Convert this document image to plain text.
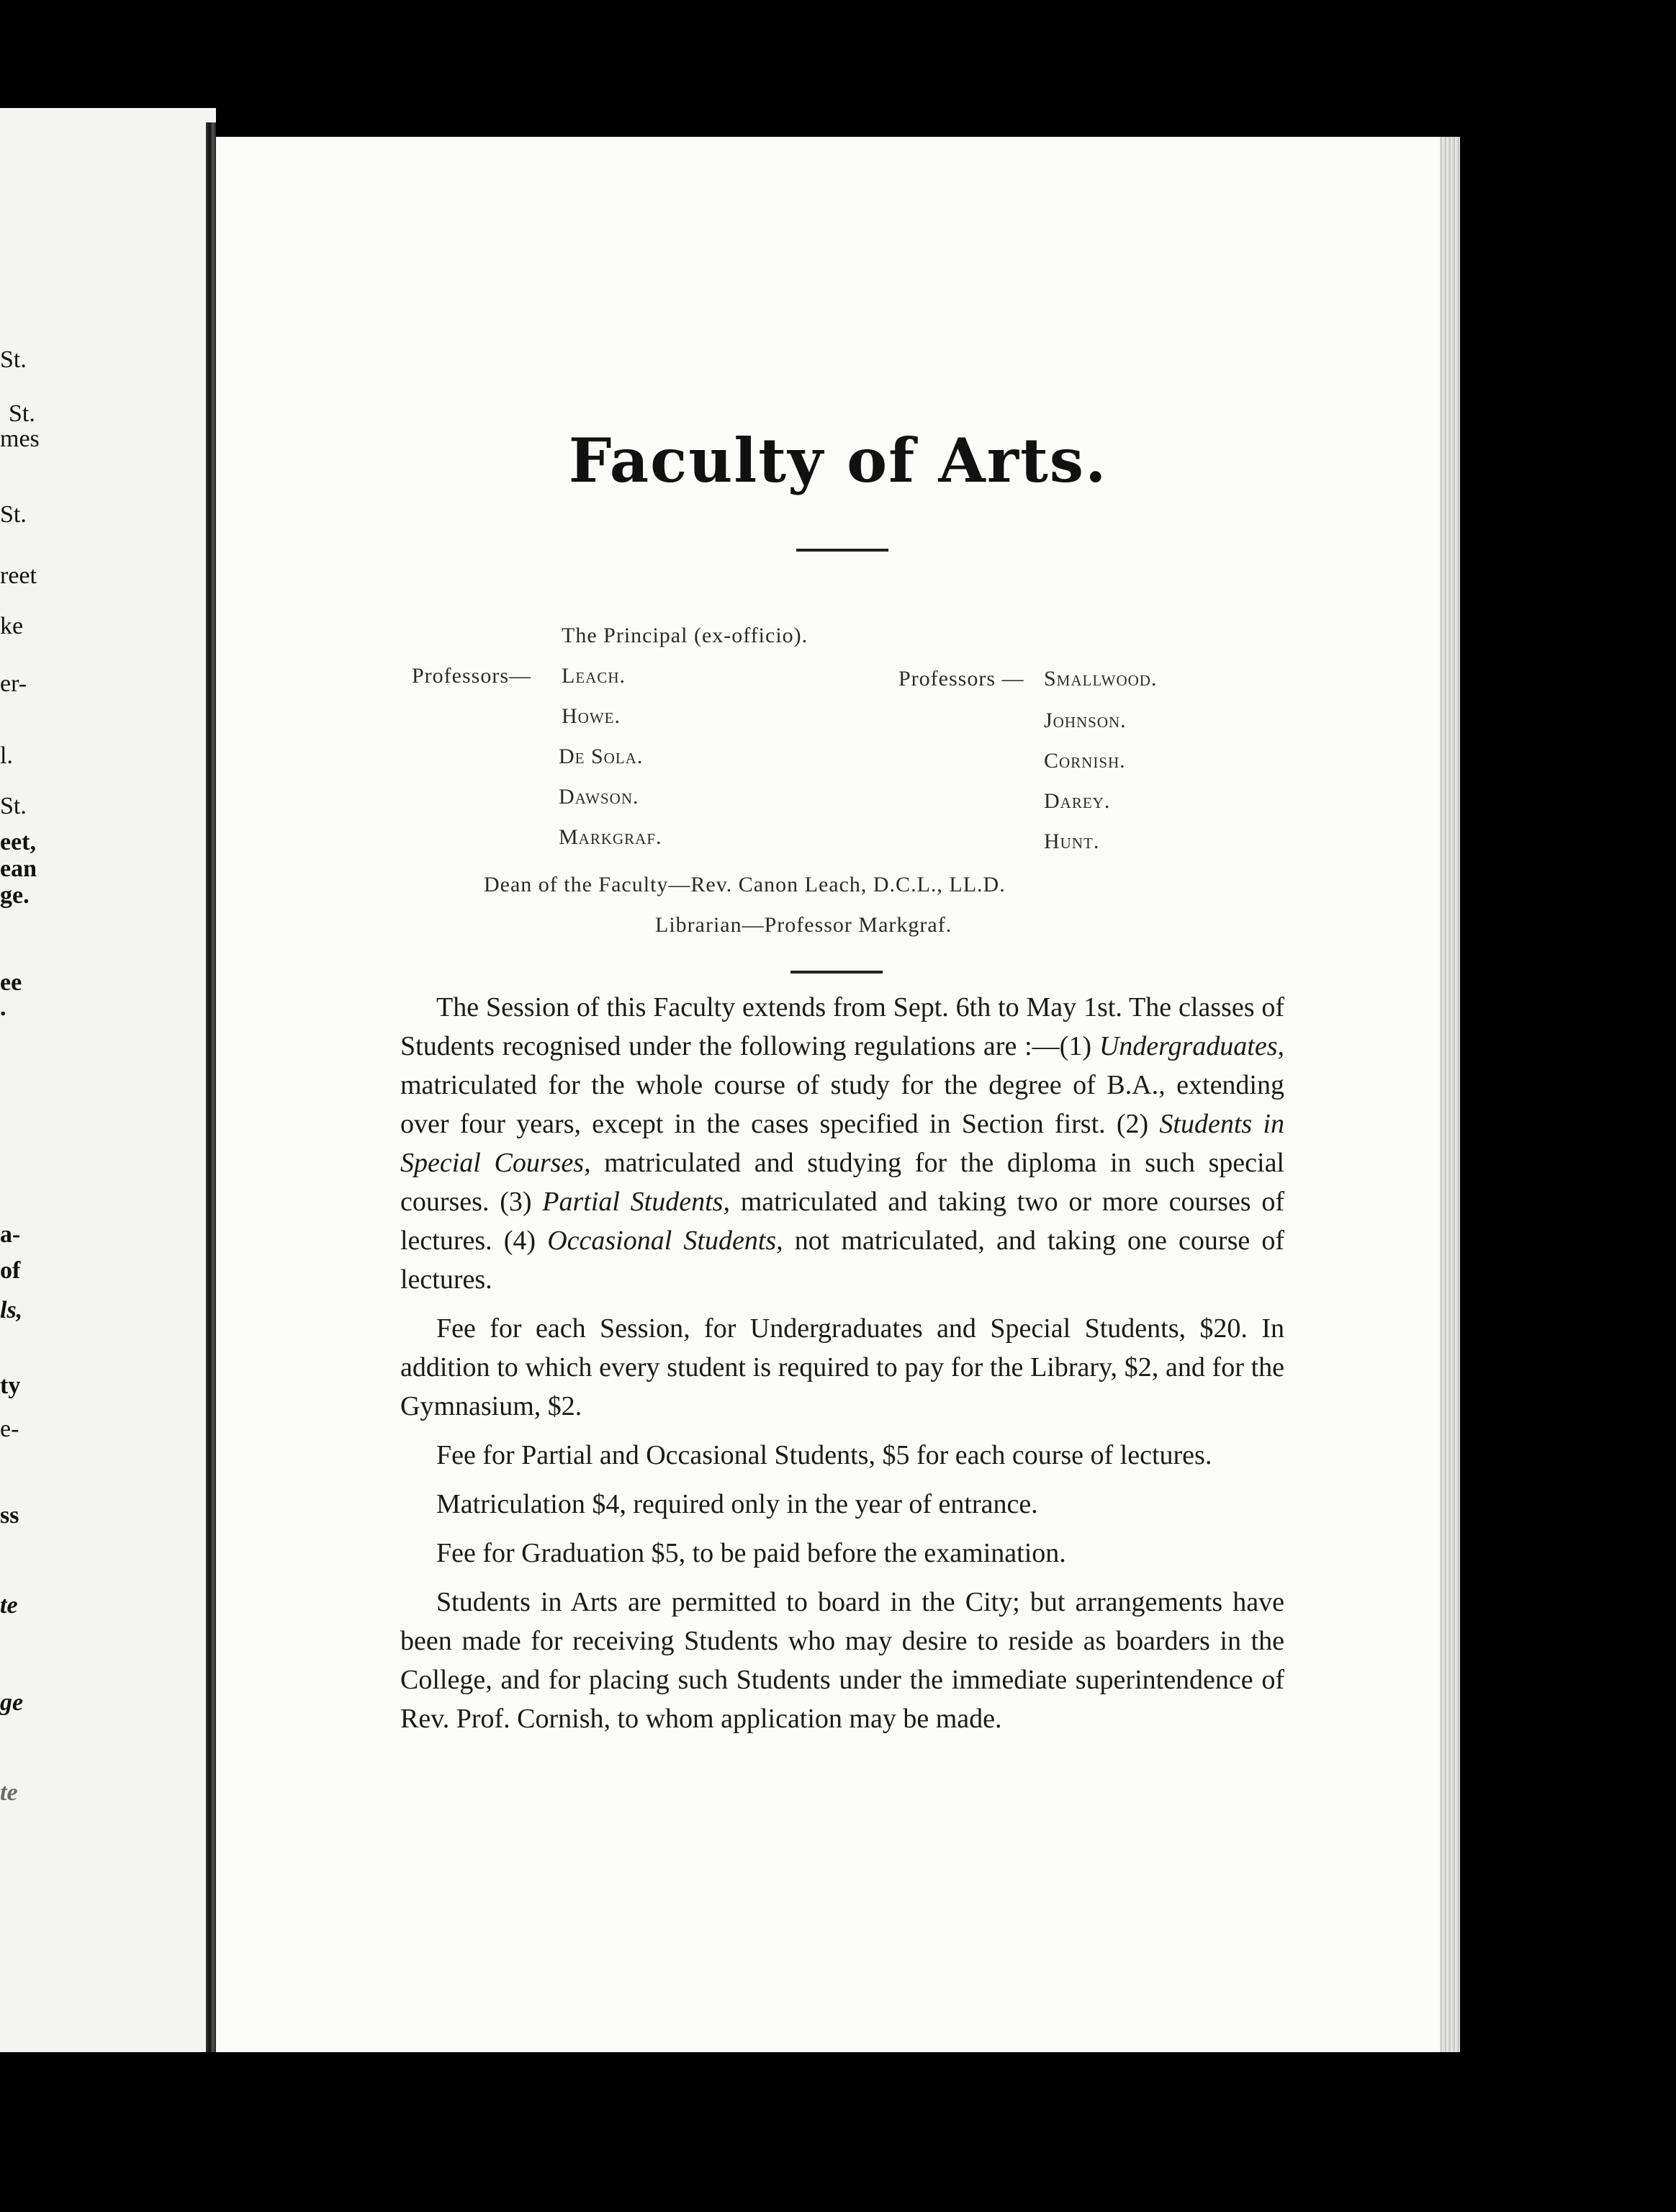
St.
St.
mes
St.
reet
ke
er-
l.
St.
eet,
ean
ge.
ee
.
a-
of
ls,
ty
e-
ss
te
ge
te
Faculty of Arts.
The Principal (ex-officio).
Professors— Leach.
Howe.
De Sola.
Dawson.
Markgraf.
Professors — Smallwood.
Johnson.
Cornish.
Darey.
Hunt.
Dean of the Faculty—Rev. Canon Leach, D.C.L., LL.D.
Librarian—Professor Markgraf.

The Session of this Faculty extends from Sept. 6th to May 1st. The classes of Students recognised under the following regulations are :—(1) Undergraduates, matriculated for the whole course of study for the degree of B.A., extending over four years, except in the cases specified in Section first. (2) Students in Special Courses, matriculated and studying for the diploma in such special courses. (3) Partial Students, matriculated and taking two or more courses of lectures. (4) Occasional Students, not matriculated, and taking one course of lectures.

Fee for each Session, for Undergraduates and Special Students, $20. In addition to which every student is required to pay for the Library, $2, and for the Gymnasium, $2.

Fee for Partial and Occasional Students, $5 for each course of lectures.

Matriculation $4, required only in the year of entrance.

Fee for Graduation $5, to be paid before the examination.

Students in Arts are permitted to board in the City; but arrangements have been made for receiving Students who may desire to reside as boarders in the College, and for placing such Students under the immediate superintendence of Rev. Prof. Cornish, to whom application may be made.
